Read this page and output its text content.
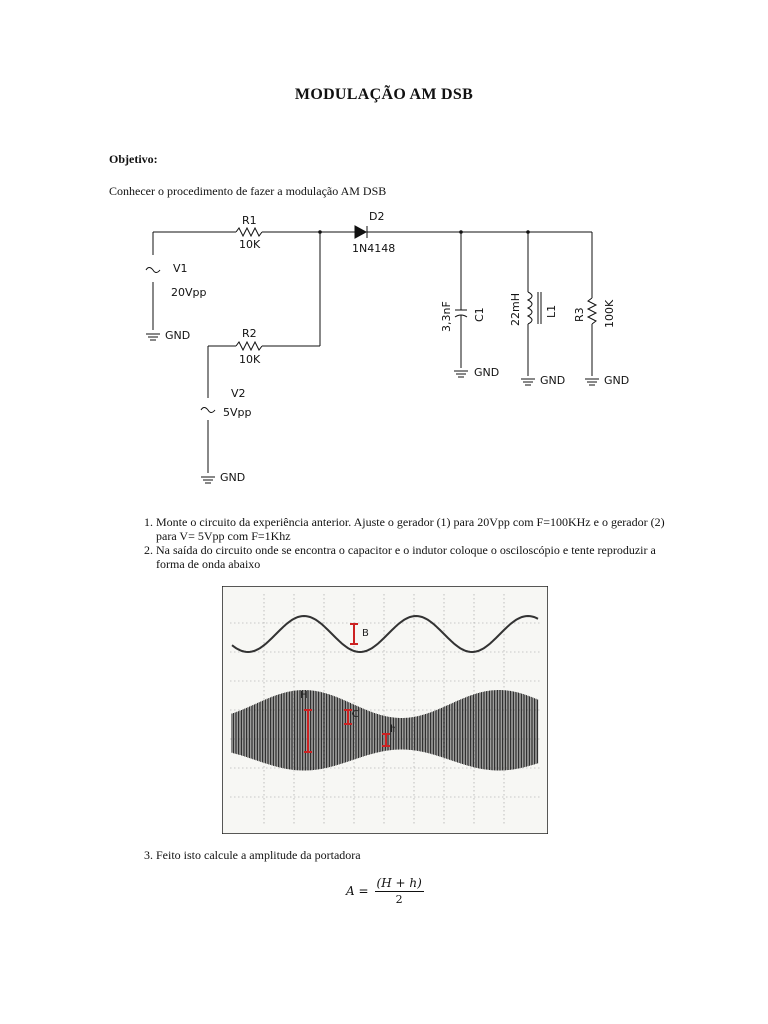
MODULAÇÃO AM DSB
Objetivo:
Conhecer o procedimento de fazer a modulação AM DSB
R1
10K
D2
1N4148
V1
20Vpp
GND	R2
10K
V2
5Vpp
GND
GND
GND	GND
3,3nF C1 22mH L1 R3 100K
1. Monte o circuito da experiência anterior. Ajuste o gerador (1) para 20Vpp com F=100KHz e o gerador (2) para V= 5Vpp com F=1Khz
2. Na saída do circuito onde se encontra o capacitor e o indutor coloque o osciloscópio e tente reproduzir a forma de onda abaixo
B
H
C
h
3. Feito isto calcule a amplitude da portadora
$A = \frac{(H + h)}{2}$
